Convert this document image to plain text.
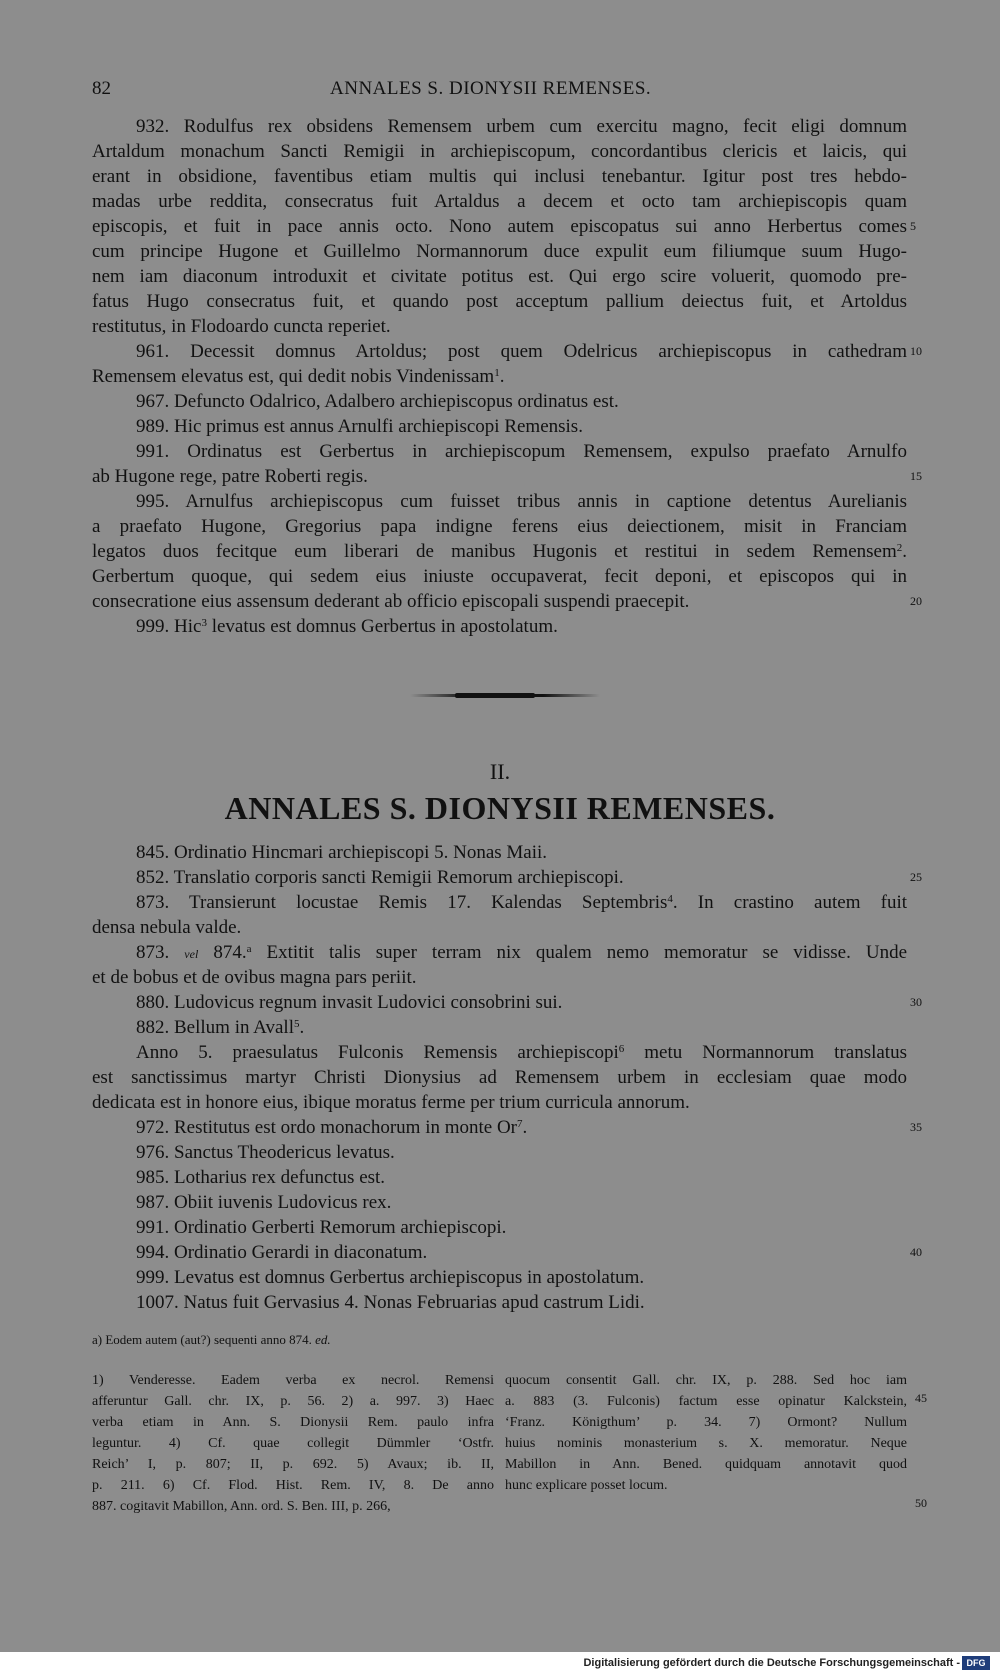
82	ANNALES S. DIONYSII REMENSES.
932. Rodulfus rex obsidens Remensem urbem cum exercitu magno, fecit eligi domnum
Artaldum monachum Sancti Remigii in archiepiscopum, concordantibus clericis et laicis, qui
erant in obsidione, faventibus etiam multis qui inclusi tenebantur. Igitur post tres hebdo-
madas urbe reddita, consecratus fuit Artaldus a decem et octo tam archiepiscopis quam
episcopis, et fuit in pace annis octo. Nono autem episcopatus sui anno Herbertus comes 5
cum principe Hugone et Guillelmo Normannorum duce expulit eum filiumque suum Hugo-
nem iam diaconum introduxit et civitate potitus est. Qui ergo scire voluerit, quomodo pre-
fatus Hugo consecratus fuit, et quando post acceptum pallium deiectus fuit, et Artoldus
restitutus, in Flodoardo cuncta reperiet.
961. Decessit domnus Artoldus; post quem Odelricus archiepiscopus in cathedram 10
Remensem elevatus est, qui dedit nobis Vindenissam$^1$.
967. Defuncto Odalrico, Adalbero archiepiscopus ordinatus est.
989. Hic primus est annus Arnulfi archiepiscopi Remensis.
991. Ordinatus est Gerbertus in archiepiscopum Remensem, expulso praefato Arnulfo
ab Hugone rege, patre Roberti regis.	15
995. Arnulfus archiepiscopus cum fuisset tribus annis in captione detentus Aurelianis
a praefato Hugone, Gregorius papa indigne ferens eius deiectionem, misit in Franciam
legatos duos fecitque eum liberari de manibus Hugonis et restitui in sedem Remensem$^2$.
Gerbertum quoque, qui sedem eius iniuste occupaverat, fecit deponi, et episcopos qui in
consecratione eius assensum dederant ab officio episcopali suspendi praecepit.	20
999. Hic$^3$ levatus est domnus Gerbertus in apostolatum.
II.
ANNALES S. DIONYSII REMENSES.
845. Ordinatio Hincmari archiepiscopi 5. Nonas Maii.
852. Translatio corporis sancti Remigii Remorum archiepiscopi.	25
873. Transierunt locustae Remis 17. Kalendas Septembris$^4$. In crastino autem fuit
densa nebula valde.
873. vel 874.$^a$ Extitit talis super terram nix qualem nemo memoratur se vidisse. Unde
et de bobus et de ovibus magna pars periit.
880. Ludovicus regnum invasit Ludovici consobrini sui.	30
882. Bellum in Avall$^5$.
Anno 5. praesulatus Fulconis Remensis archiepiscopi$^6$ metu Normannorum translatus
est sanctissimus martyr Christi Dionysius ad Remensem urbem in ecclesiam quae modo
dedicata est in honore eius, ibique moratus ferme per trium curricula annorum.
972. Restitutus est ordo monachorum in monte Or$^7$.	35
976. Sanctus Theodericus levatus.
985. Lotharius rex defunctus est.
987. Obiit iuvenis Ludovicus rex.
991. Ordinatio Gerberti Remorum archiepiscopi.
994. Ordinatio Gerardi in diaconatum.	40
999. Levatus est domnus Gerbertus archiepiscopus in apostolatum.
1007. Natus fuit Gervasius 4. Nonas Februarias apud castrum Lidi.
a) Eodem autem (aut?) sequenti anno 874. ed.
1) Venderesse. Eadem verba ex necrol. Remensi
afferuntur Gall. chr. IX, p. 56. 2) a. 997. 3) Haec
verba etiam in Ann. S. Dionysii Rem. paulo infra
leguntur. 4) Cf. quae collegit Dümmler ‘Ostfr.
Reich’ I, p. 807; II, p. 692. 5) Avaux; ib. II,
p. 211. 6) Cf. Flod. Hist. Rem. IV, 8. De anno
887. cogitavit Mabillon, Ann. ord. S. Ben. III, p. 266,
quocum consentit Gall. chr. IX, p. 288. Sed hoc iam
a. 883 (3. Fulconis) factum esse opinatur Kalckstein,
‘Franz. Königthum’ p. 34. 7) Ormont? Nullum
huius nominis monasterium s. X. memoratur. Neque
Mabillon in Ann. Bened. quidquam annotavit quod
hunc explicare posset locum.
45
50
Digitalisierung gefördert durch die Deutsche Forschungsgemeinschaft - DFG
